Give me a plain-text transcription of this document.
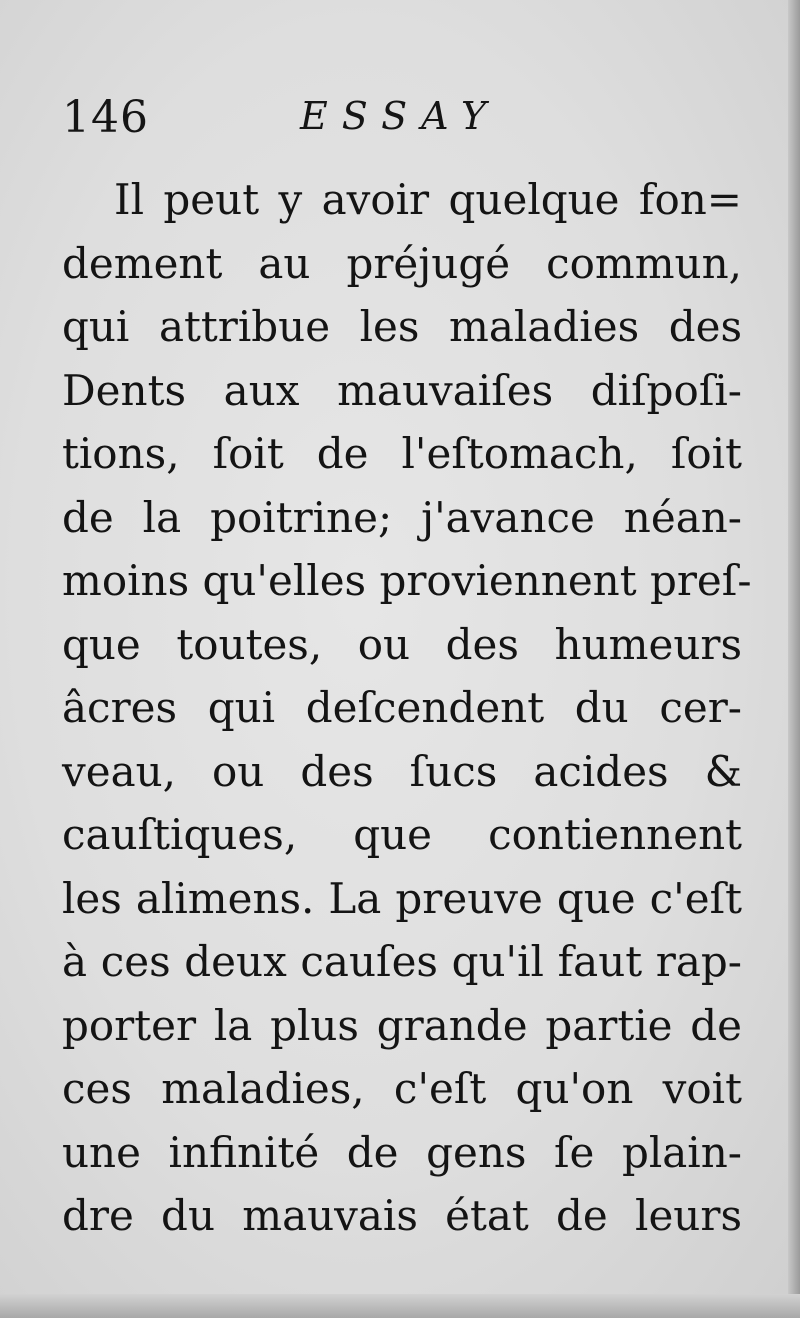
146	ESSAY
Il peut y avoir quelque fon=
dement au préjugé commun,
qui attribue les maladies des
Dents aux mauvaiſes diſpoſi-
tions, ſoit de l'eſtomach, ſoit
de la poitrine; j'avance néan-
moins qu'elles proviennent preſ-
que toutes, ou des humeurs
âcres qui deſcendent du cer-
veau, ou des ſucs acides &
cauſtiques, que contiennent
les alimens. La preuve que c'eſt
à ces deux cauſes qu'il faut rap-
porter la plus grande partie de
ces maladies, c'eſt qu'on voit
une infinité de gens ſe plain-
dre du mauvais état de leurs
